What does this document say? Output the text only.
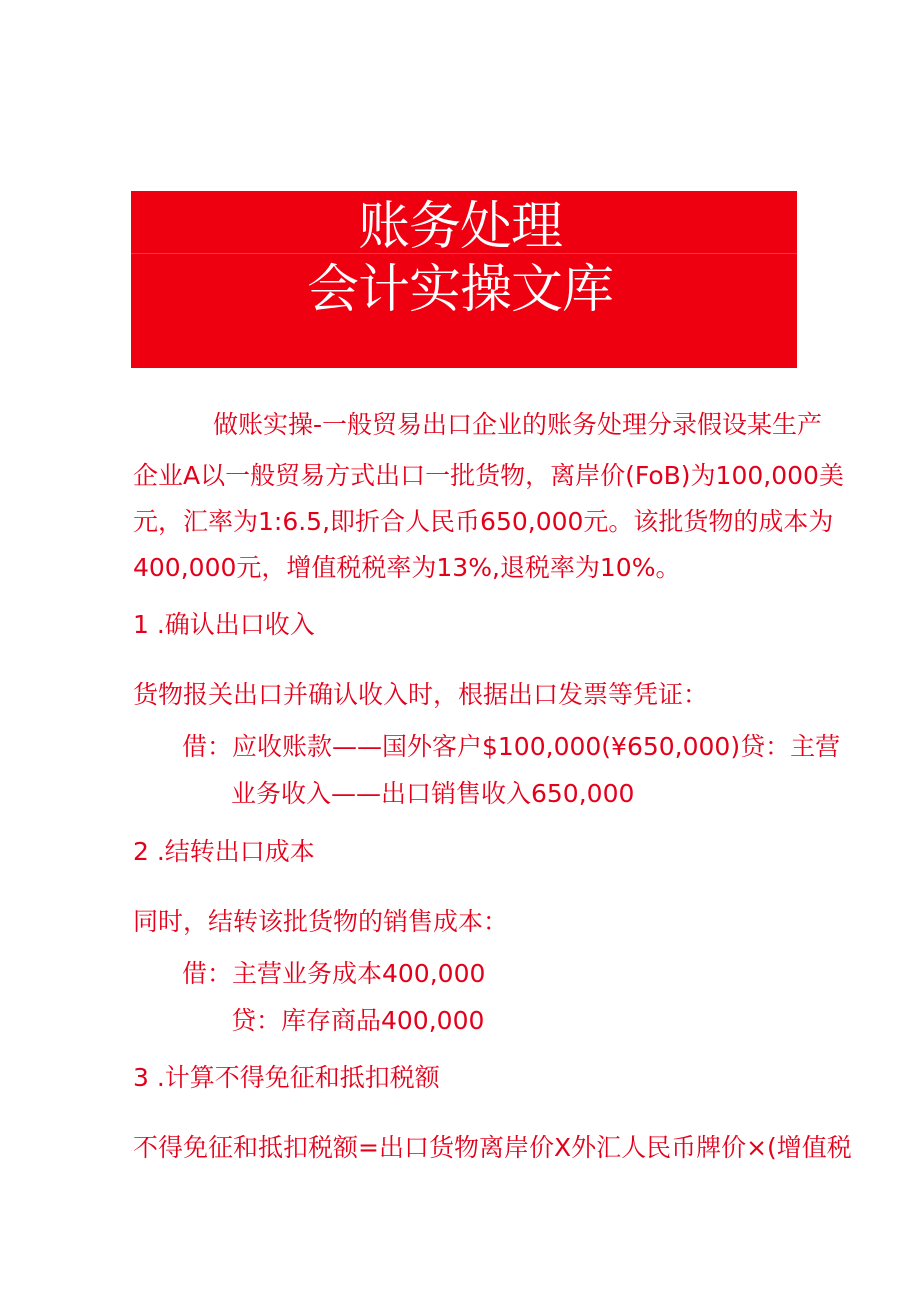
账务处理
会计实操文库
做账实操-一般贸易出口企业的账务处理分录假设某生产
企业A以一般贸易方式出口一批货物，离岸价(FoB)为100,000美
元，汇率为1:6.5,即折合人民币650,000元。该批货物的成本为
400,000元，增值税税率为13%,退税率为10%。
1 .确认出口收入
货物报关出口并确认收入时，根据出口发票等凭证：
借：应收账款——国外客户$100,000(¥650,000)贷：主营
业务收入——出口销售收入650,000
2 .结转出口成本
同时，结转该批货物的销售成本：
借：主营业务成本400,000
贷：库存商品400,000
3 .计算不得免征和抵扣税额
不得免征和抵扣税额=出口货物离岸价X外汇人民币牌价×(增值税
